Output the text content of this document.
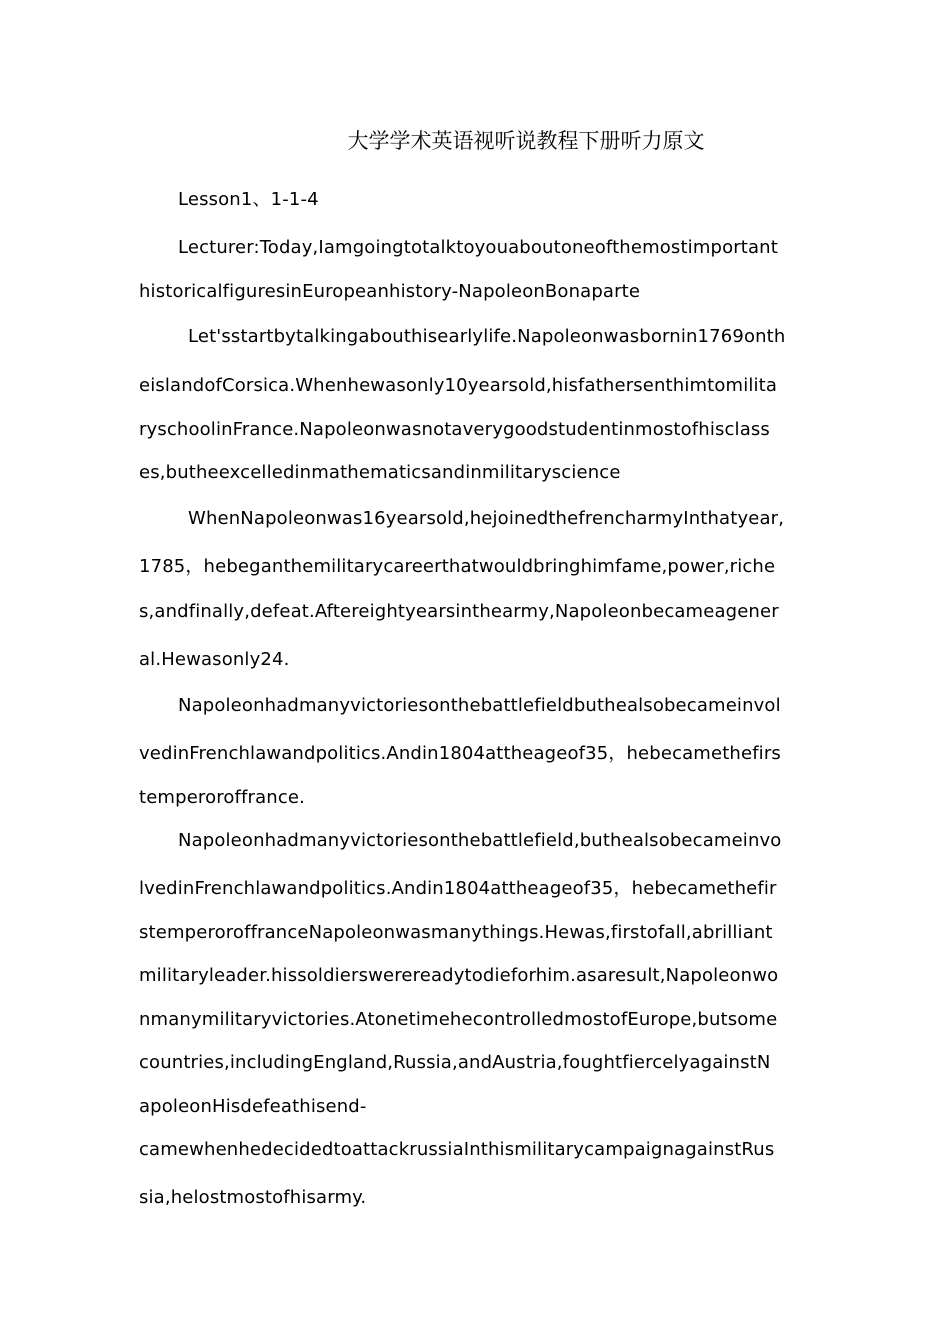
大学学术英语视听说教程下册听力原文
Lesson1、1-1-4
Lecturer:Today,Iamgoingtotalktoyouaboutoneofthemostimportant
historicalfiguresinEuropeanhistory-NapoleonBonaparte
Let'sstartbytalkingabouthisearlylife.Napoleonwasbornin1769onth
eislandofCorsica.Whenhewasonly10yearsold,hisfathersenthimtomilita
ryschoolinFrance.Napoleonwasnotaverygoodstudentinmostofhisclass
es,butheexcelledinmathematicsandinmilitaryscience
WhenNapoleonwas16yearsold,hejoinedthefrencharmyInthatyear,
1785，hebeganthemilitarycareerthatwouldbringhimfame,power,riche
s,andfinally,defeat.Aftereightyearsinthearmy,Napoleonbecameagener
al.Hewasonly24.
Napoleonhadmanyvictoriesonthebattlefieldbuthealsobecameinvol
vedinFrenchlawandpolitics.Andin1804attheageof35，hebecamethefirs
temperoroffrance.
Napoleonhadmanyvictoriesonthebattlefield,buthealsobecameinvo
lvedinFrenchlawandpolitics.Andin1804attheageof35，hebecamethefir
stemperoroffranceNapoleonwasmanythings.Hewas,firstofall,abrilliant
militaryleader.hissoldierswerereadytodieforhim.asaresult,Napoleonwo
nmanymilitaryvictories.AtonetimehecontrolledmostofEurope,butsome
countries,includingEngland,Russia,andAustria,foughtfiercelyagainstN
apoleonHisdefeathisend-
camewhenhedecidedtoattackrussiaInthismilitarycampaignagainstRus
sia,helostmostofhisarmy.
